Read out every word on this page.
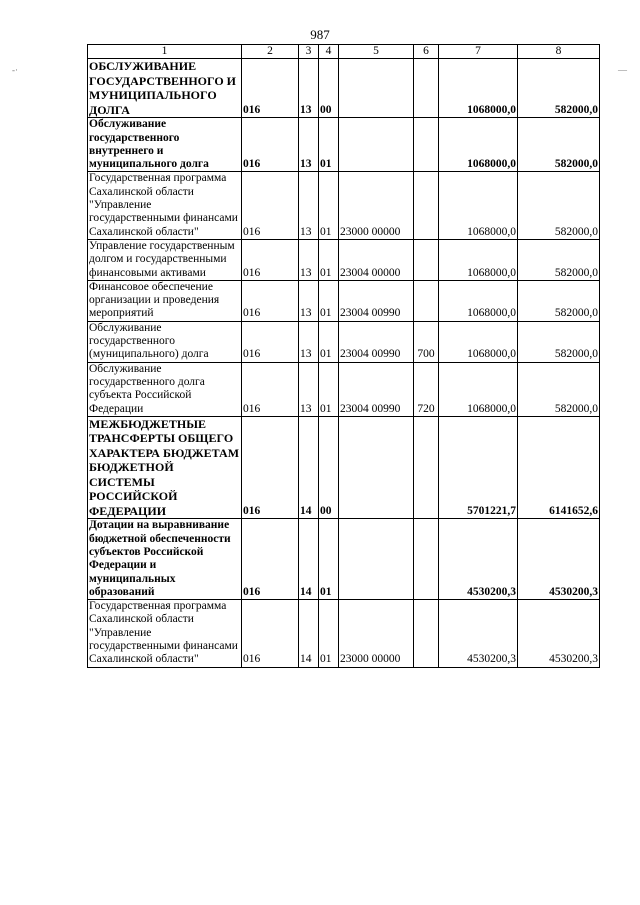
987
-·	—
1	2	3	4	5	6	7	8
ОБСЛУЖИВАНИЕ ГОСУДАРСТВЕННОГО И МУНИЦИПАЛЬНОГО ДОЛГА	016	13	00			1068000,0	582000,0
Обслуживание государственного внутреннего и муниципального долга	016	13	01			1068000,0	582000,0
Государственная программа Сахалинской области "Управление государственными финансами Сахалинской области"	016	13	01	23000 00000		1068000,0	582000,0
Управление государственным долгом и государственными финансовыми активами	016	13	01	23004 00000		1068000,0	582000,0
Финансовое обеспечение организации и проведения мероприятий	016	13	01	23004 00990		1068000,0	582000,0
Обслуживание государственного (муниципального) долга	016	13	01	23004 00990	700	1068000,0	582000,0
Обслуживание государственного долга субъекта Российской Федерации	016	13	01	23004 00990	720	1068000,0	582000,0
МЕЖБЮДЖЕТНЫЕ ТРАНСФЕРТЫ ОБЩЕГО ХАРАКТЕРА БЮДЖЕТАМ БЮДЖЕТНОЙ СИСТЕМЫ РОССИЙСКОЙ ФЕДЕРАЦИИ	016	14	00			5701221,7	6141652,6
Дотации на выравнивание бюджетной обеспеченности субъектов Российской Федерации и муниципальных образований	016	14	01			4530200,3	4530200,3
Государственная программа Сахалинской области "Управление государственными финансами Сахалинской области"	016	14	01	23000 00000		4530200,3	4530200,3
